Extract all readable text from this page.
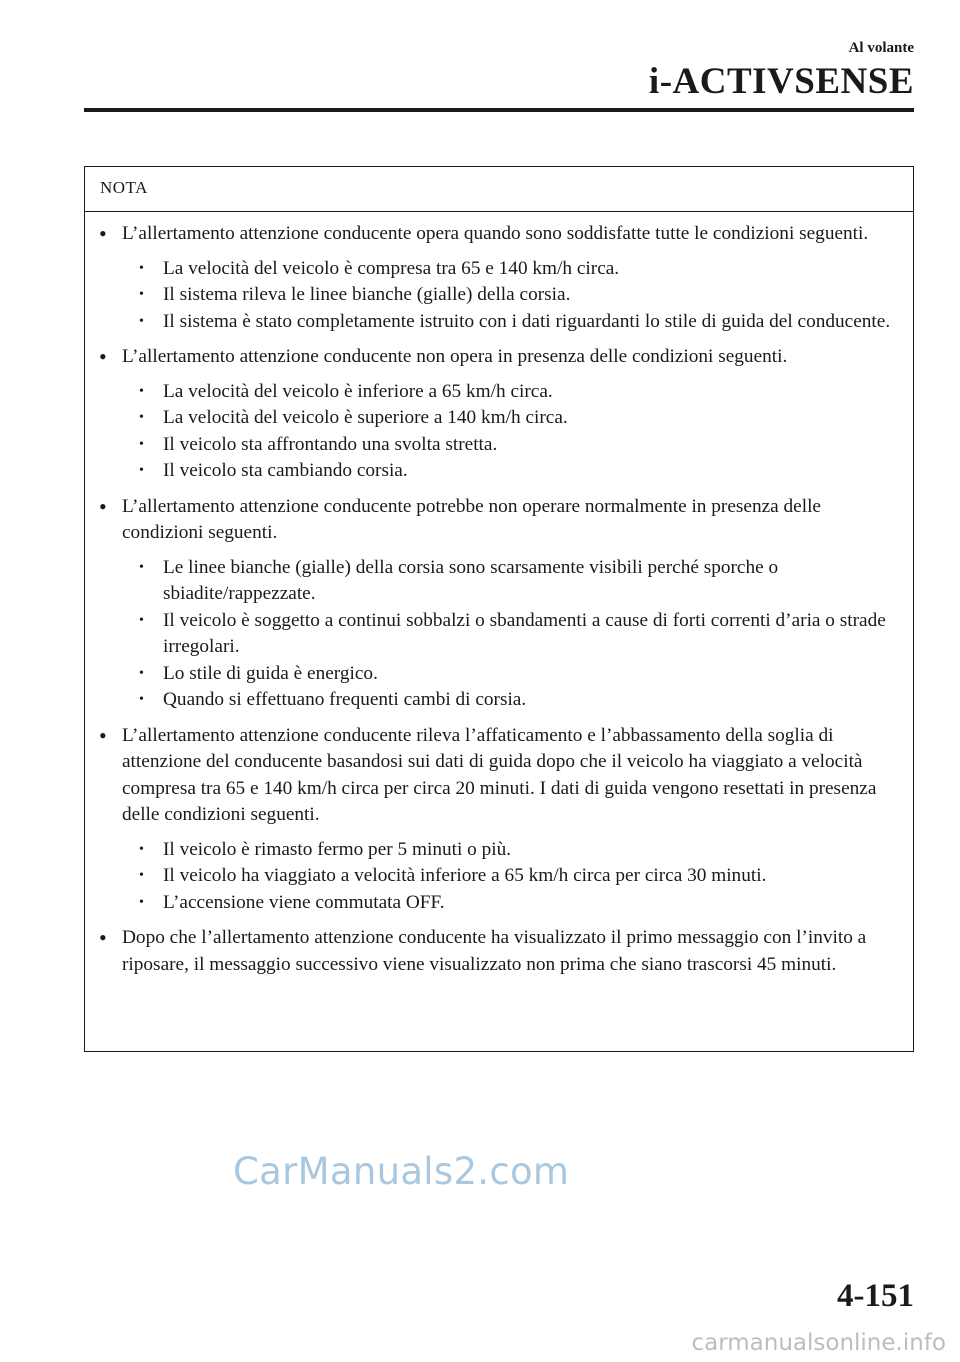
Al volante
i-ACTIVSENSE
NOTA
• L’allertamento attenzione conducente opera quando sono soddisfatte tutte le condizioni seguenti.
• La velocità del veicolo è compresa tra 65 e 140 km/h circa.
• Il sistema rileva le linee bianche (gialle) della corsia.
• Il sistema è stato completamente istruito con i dati riguardanti lo stile di guida del conducente.
• L’allertamento attenzione conducente non opera in presenza delle condizioni seguenti.
• La velocità del veicolo è inferiore a 65 km/h circa.
• La velocità del veicolo è superiore a 140 km/h circa.
• Il veicolo sta affrontando una svolta stretta.
• Il veicolo sta cambiando corsia.
• L’allertamento attenzione conducente potrebbe non operare normalmente in presenza delle condizioni seguenti.
• Le linee bianche (gialle) della corsia sono scarsamente visibili perché sporche o sbiadite/rappezzate.
• Il veicolo è soggetto a continui sobbalzi o sbandamenti a cause di forti correnti d’aria o strade irregolari.
• Lo stile di guida è energico.
• Quando si effettuano frequenti cambi di corsia.
• L’allertamento attenzione conducente rileva l’affaticamento e l’abbassamento della soglia di attenzione del conducente basandosi sui dati di guida dopo che il veicolo ha viaggiato a velocità compresa tra 65 e 140 km/h circa per circa 20 minuti. I dati di guida vengono resettati in presenza delle condizioni seguenti.
• Il veicolo è rimasto fermo per 5 minuti o più.
• Il veicolo ha viaggiato a velocità inferiore a 65 km/h circa per circa 30 minuti.
• L’accensione viene commutata OFF.
• Dopo che l’allertamento attenzione conducente ha visualizzato il primo messaggio con l’invito a riposare, il messaggio successivo viene visualizzato non prima che siano trascorsi 45 minuti.
CarManuals2.com
4-151
carmanualsonline.info
